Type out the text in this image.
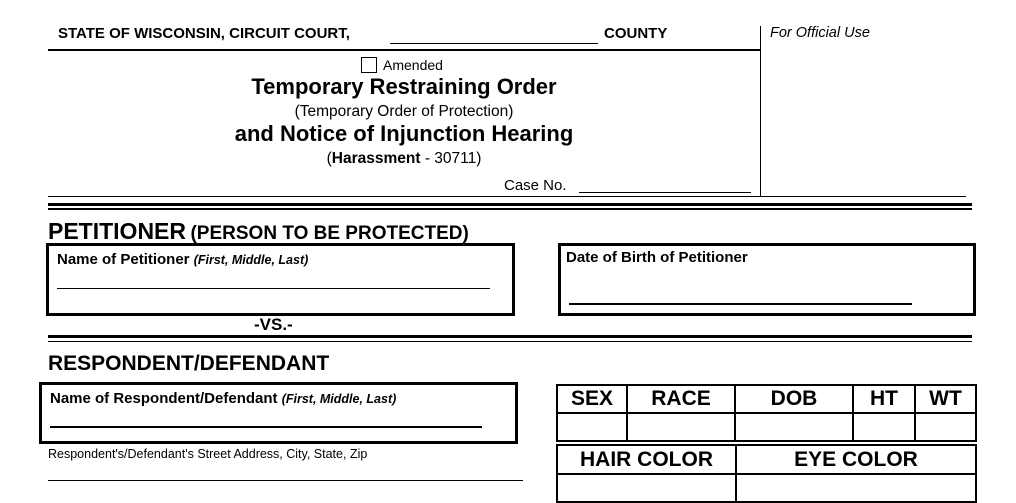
STATE OF WISCONSIN, CIRCUIT COURT,	COUNTY	For Official Use
Amended
Temporary Restraining Order
(Temporary Order of Protection)
and Notice of Injunction Hearing
(Harassment - 30711)
Case No.
PETITIONER (PERSON TO BE PROTECTED)
Name of Petitioner (First, Middle, Last)	Date of Birth of Petitioner
-VS.-
RESPONDENT/DEFENDANT
Name of Respondent/Defendant (First, Middle, Last)
Respondent's/Defendant's Street Address, City, State, Zip
SEX	RACE	DOB	HT	WT
HAIR COLOR	EYE COLOR
